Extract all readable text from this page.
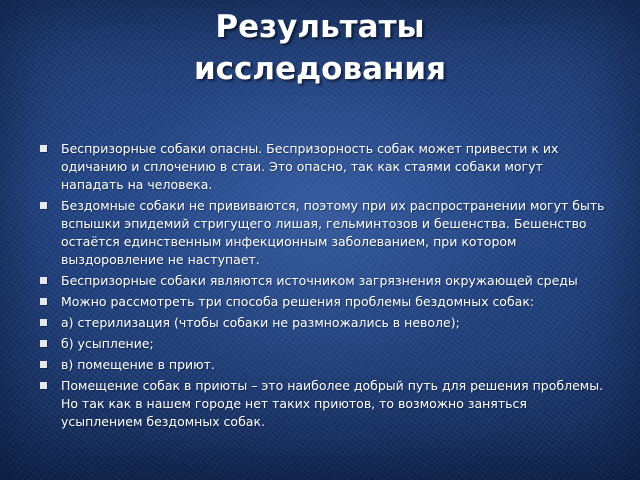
Результаты
исследования
Беспризорные собаки опасны. Беспризорность собак может привести к их одичанию и сплочению в стаи. Это опасно, так как стаями собаки могут нападать на человека.
Бездомные собаки не прививаются, поэтому при их распространении могут быть вспышки эпидемий стригущего лишая, гельминтозов и бешенства. Бешенство остаётся единственным инфекционным заболеванием, при котором выздоровление не наступает.
Беспризорные собаки являются источником загрязнения окружающей среды
Можно рассмотреть три способа решения проблемы бездомных собак:
а) стерилизация (чтобы собаки не размножались в неволе);
б) усыпление;
в) помещение в приют.
Помещение собак в приюты – это наиболее добрый путь для решения проблемы. Но так как в нашем городе нет таких приютов, то возможно заняться усыплением бездомных собак.
